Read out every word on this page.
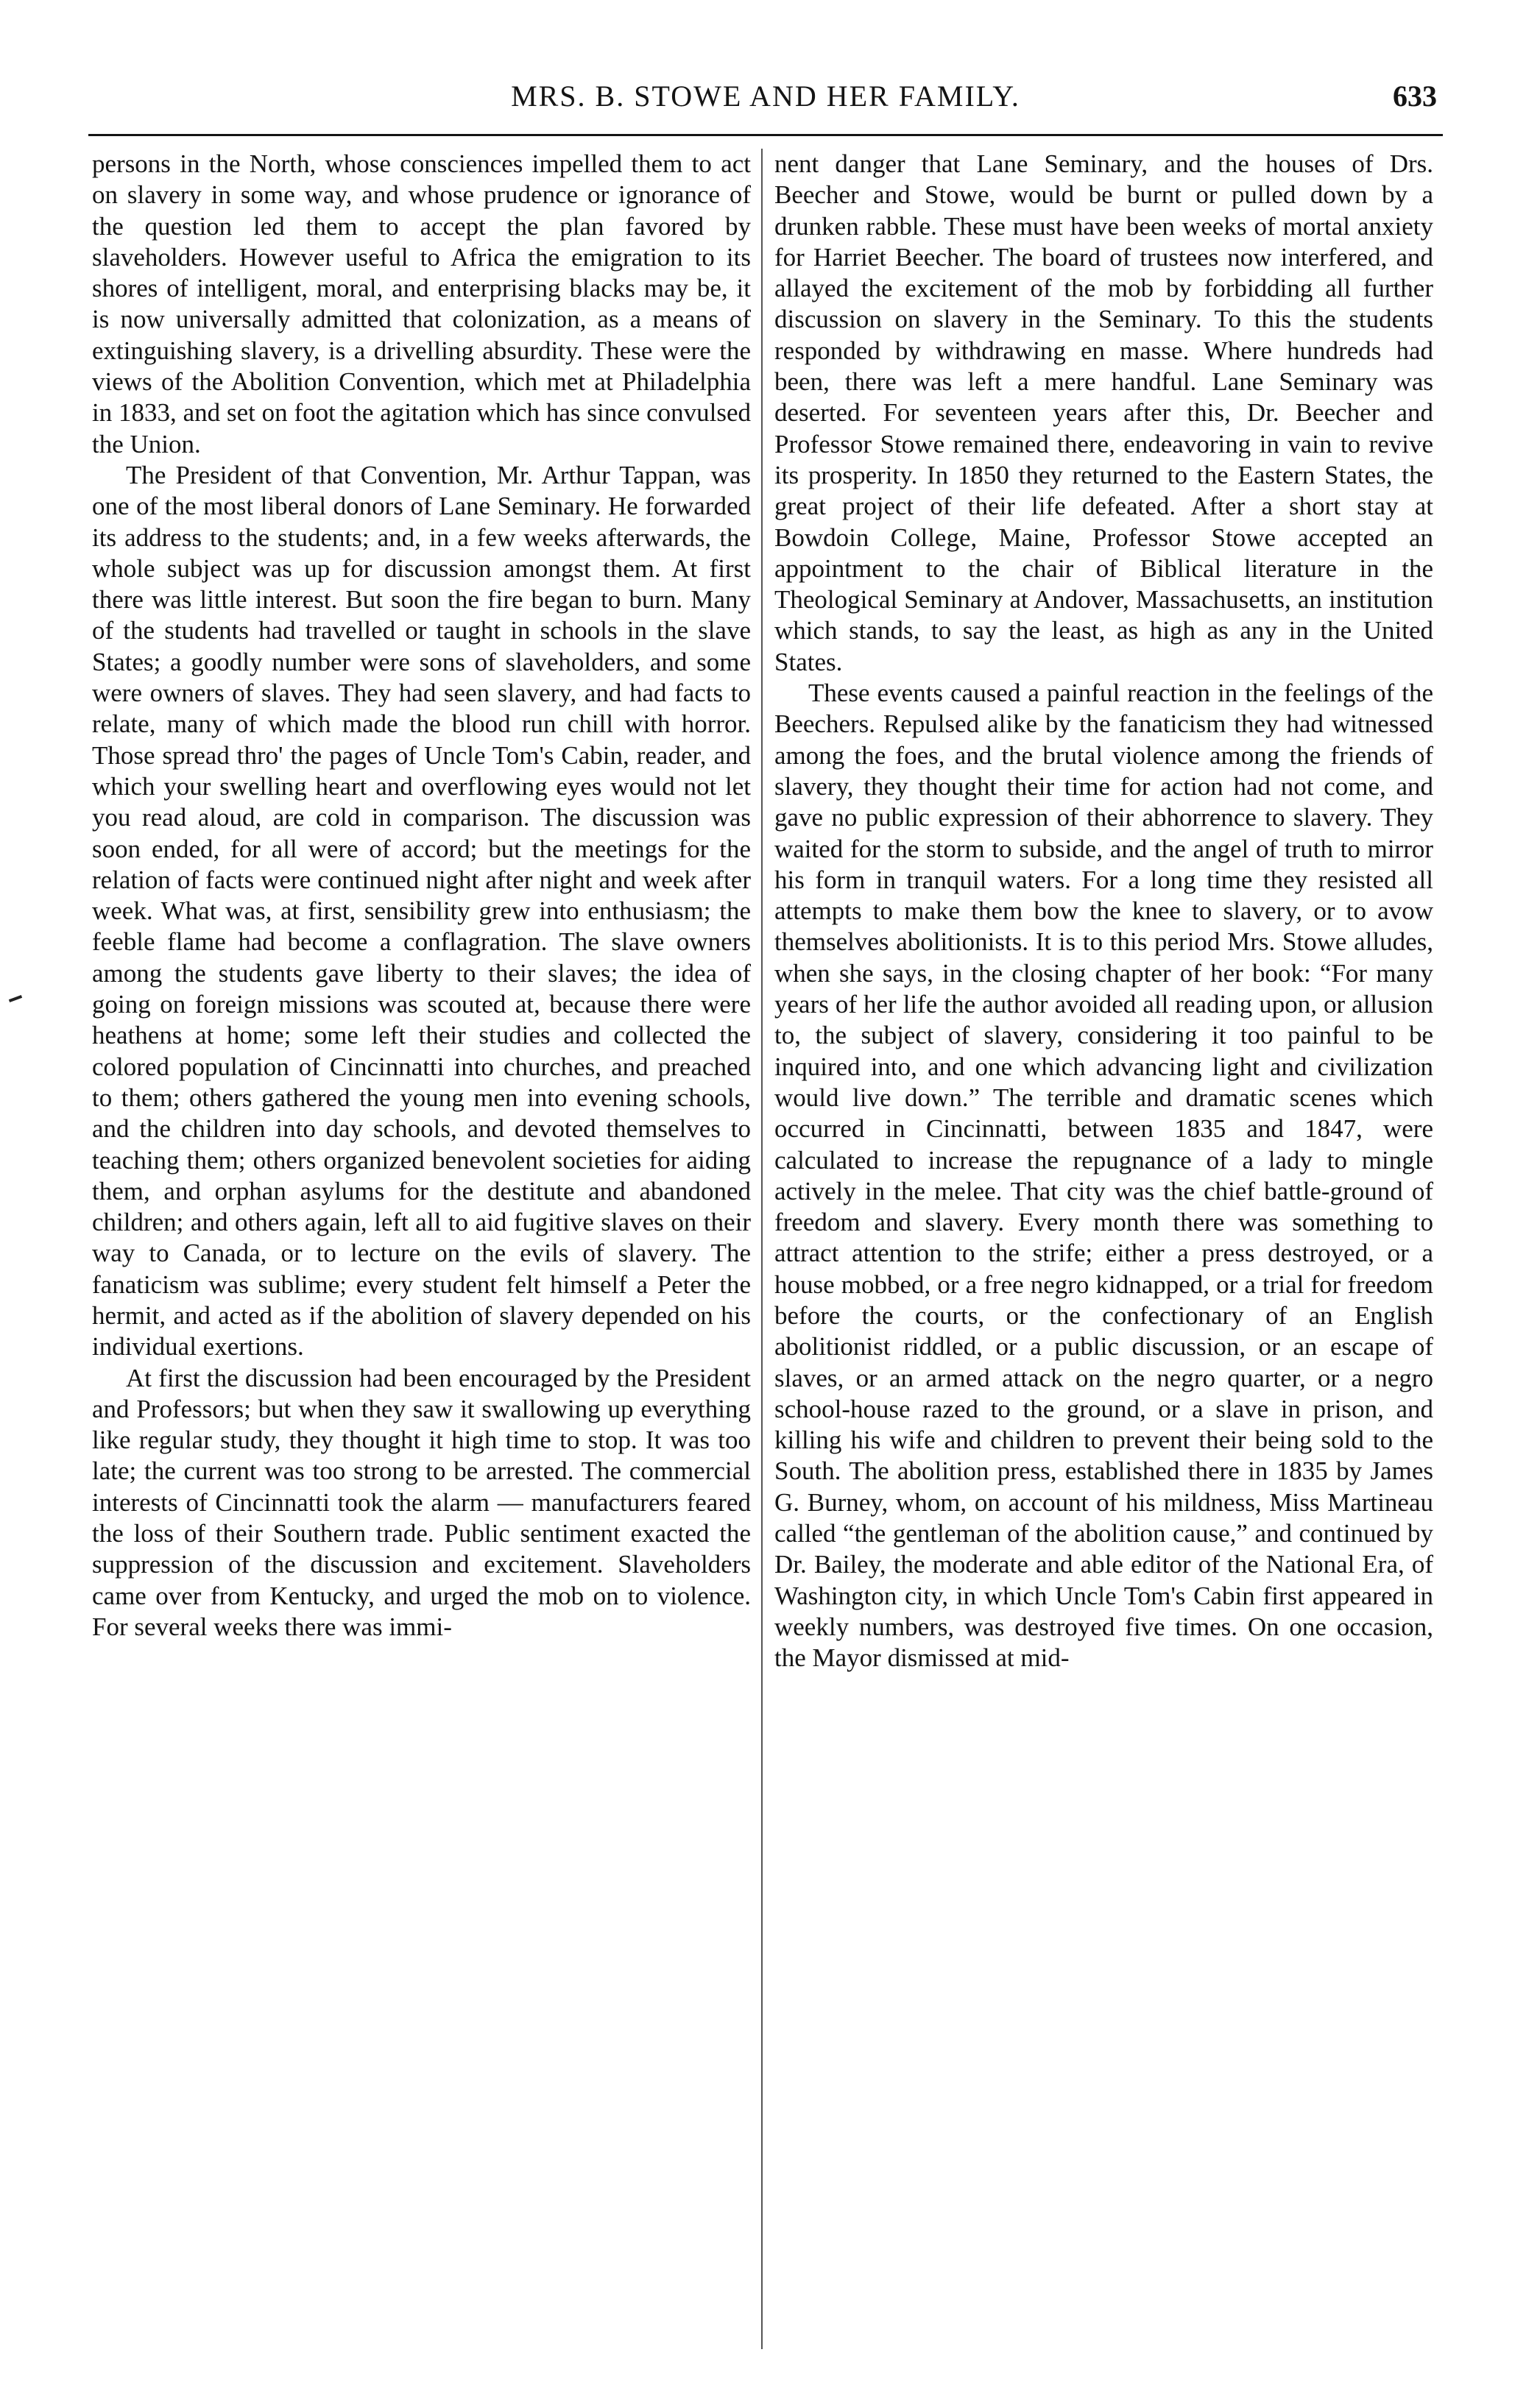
MRS. B. STOWE AND HER FAMILY.	633

persons in the North, whose consciences impelled them to act on slavery in some way, and whose prudence or ignorance of the question led them to accept the plan favored by slaveholders. However useful to Africa the emigration to its shores of intelligent, moral, and enterprising blacks may be, it is now universally admitted that colonization, as a means of extinguishing slavery, is a drivelling absurdity. These were the views of the Abolition Convention, which met at Philadelphia in 1833, and set on foot the agitation which has since convulsed the Union.

The President of that Convention, Mr. Arthur Tappan, was one of the most liberal donors of Lane Seminary. He forwarded its address to the students; and, in a few weeks afterwards, the whole subject was up for discussion amongst them. At first there was little interest. But soon the fire began to burn. Many of the students had travelled or taught in schools in the slave States; a goodly number were sons of slaveholders, and some were owners of slaves. They had seen slavery, and had facts to relate, many of which made the blood run chill with horror. Those spread thro' the pages of Uncle Tom's Cabin, reader, and which your swelling heart and overflowing eyes would not let you read aloud, are cold in comparison. The discussion was soon ended, for all were of accord; but the meetings for the relation of facts were continued night after night and week after week. What was, at first, sensibility grew into enthusiasm; the feeble flame had become a conflagration. The slave owners among the students gave liberty to their slaves; the idea of going on foreign missions was scouted at, because there were heathens at home; some left their studies and collected the colored population of Cincinnatti into churches, and preached to them; others gathered the young men into evening schools, and the children into day schools, and devoted themselves to teaching them; others organized benevolent societies for aiding them, and orphan asylums for the destitute and abandoned children; and others again, left all to aid fugitive slaves on their way to Canada, or to lecture on the evils of slavery. The fanaticism was sublime; every student felt himself a Peter the hermit, and acted as if the abolition of slavery depended on his individual exertions.

At first the discussion had been encouraged by the President and Professors; but when they saw it swallowing up everything like regular study, they thought it high time to stop. It was too late; the current was too strong to be arrested. The commercial interests of Cincinnatti took the alarm — manufacturers feared the loss of their Southern trade. Public sentiment exacted the suppression of the discussion and excitement. Slaveholders came over from Kentucky, and urged the mob on to violence. For several weeks there was immi-

nent danger that Lane Seminary, and the houses of Drs. Beecher and Stowe, would be burnt or pulled down by a drunken rabble. These must have been weeks of mortal anxiety for Harriet Beecher. The board of trustees now interfered, and allayed the excitement of the mob by forbidding all further discussion on slavery in the Seminary. To this the students responded by withdrawing en masse. Where hundreds had been, there was left a mere handful. Lane Seminary was deserted. For seventeen years after this, Dr. Beecher and Professor Stowe remained there, endeavoring in vain to revive its prosperity. In 1850 they returned to the Eastern States, the great project of their life defeated. After a short stay at Bowdoin College, Maine, Professor Stowe accepted an appointment to the chair of Biblical literature in the Theological Seminary at Andover, Massachusetts, an institution which stands, to say the least, as high as any in the United States.

These events caused a painful reaction in the feelings of the Beechers. Repulsed alike by the fanaticism they had witnessed among the foes, and the brutal violence among the friends of slavery, they thought their time for action had not come, and gave no public expression of their abhorrence to slavery. They waited for the storm to subside, and the angel of truth to mirror his form in tranquil waters. For a long time they resisted all attempts to make them bow the knee to slavery, or to avow themselves abolitionists. It is to this period Mrs. Stowe alludes, when she says, in the closing chapter of her book: “For many years of her life the author avoided all reading upon, or allusion to, the subject of slavery, considering it too painful to be inquired into, and one which advancing light and civilization would live down.” The terrible and dramatic scenes which occurred in Cincinnatti, between 1835 and 1847, were calculated to increase the repugnance of a lady to mingle actively in the melee. That city was the chief battle-ground of freedom and slavery. Every month there was something to attract attention to the strife; either a press destroyed, or a house mobbed, or a free negro kidnapped, or a trial for freedom before the courts, or the confectionary of an English abolitionist riddled, or a public discussion, or an escape of slaves, or an armed attack on the negro quarter, or a negro school-house razed to the ground, or a slave in prison, and killing his wife and children to prevent their being sold to the South. The abolition press, established there in 1835 by James G. Burney, whom, on account of his mildness, Miss Martineau called “the gentleman of the abolition cause,” and continued by Dr. Bailey, the moderate and able editor of the National Era, of Washington city, in which Uncle Tom's Cabin first appeared in weekly numbers, was destroyed five times. On one occasion, the Mayor dismissed at mid-
